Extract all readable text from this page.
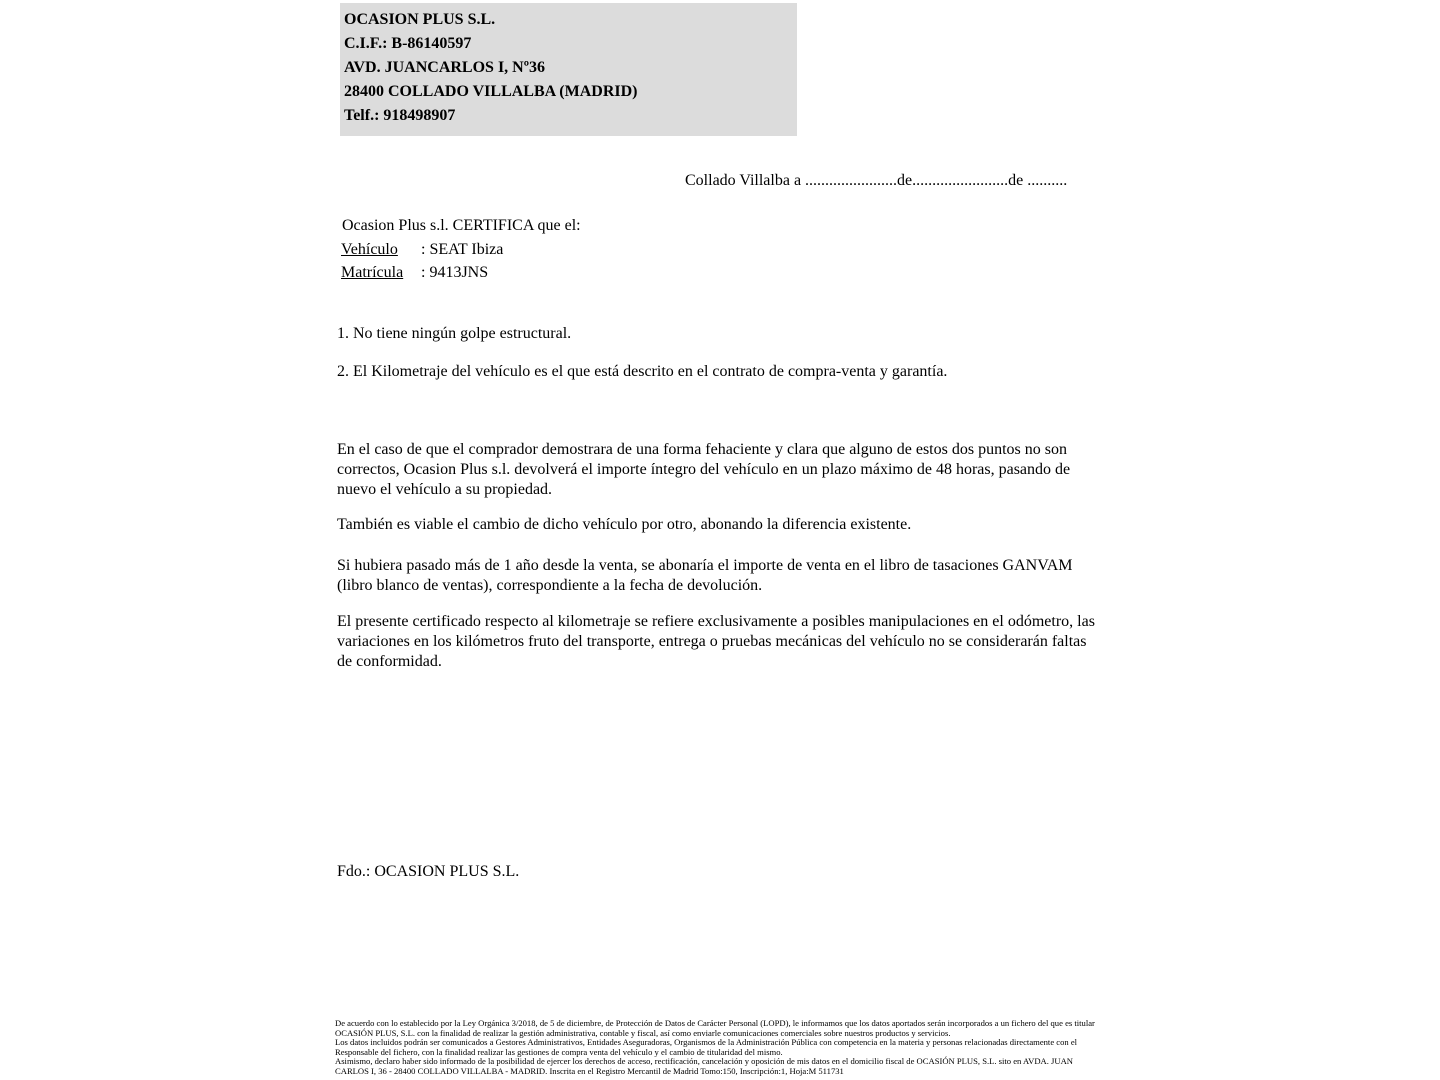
OCASION PLUS S.L.
C.I.F.: B-86140597
AVD. JUANCARLOS I, Nº36
28400 COLLADO VILLALBA (MADRID)
Telf.: 918498907
Collado Villalba a .......................de........................de ..........
Ocasion Plus s.l. CERTIFICA que el:
Vehículo : SEAT Ibiza
Matrícula : 9413JNS
1. No tiene ningún golpe estructural.
2. El Kilometraje del vehículo es el que está descrito en el contrato de compra-venta y garantía.
En el caso de que el comprador demostrara de una forma fehaciente y clara que alguno de estos dos puntos no son correctos, Ocasion Plus s.l. devolverá el importe íntegro del vehículo en un plazo máximo de 48 horas, pasando de nuevo el vehículo a su propiedad.
También es viable el cambio de dicho vehículo por otro, abonando la diferencia existente.
Si hubiera pasado más de 1 año desde la venta, se abonaría el importe de venta en el libro de tasaciones GANVAM (libro blanco de ventas), correspondiente a la fecha de devolución.
El presente certificado respecto al kilometraje se refiere exclusivamente a posibles manipulaciones en el odómetro, las variaciones en los kilómetros fruto del transporte, entrega o pruebas mecánicas del vehículo no se considerarán faltas de conformidad.
Fdo.: OCASION PLUS S.L.
De acuerdo con lo establecido por la Ley Orgánica 3/2018, de 5 de diciembre, de Protección de Datos de Carácter Personal (LOPD), le informamos que los datos aportados serán incorporados a un fichero del que es titular OCASIÓN PLUS, S.L. con la finalidad de realizar la gestión administrativa, contable y fiscal, así como enviarle comunicaciones comerciales sobre nuestros productos y servicios.
Los datos incluidos podrán ser comunicados a Gestores Administrativos, Entidades Aseguradoras, Organismos de la Administración Pública con competencia en la materia y personas relacionadas directamente con el Responsable del fichero, con la finalidad realizar las gestiones de compra venta del vehículo y el cambio de titularidad del mismo.
Asimismo, declaro haber sido informado de la posibilidad de ejercer los derechos de acceso, rectificación, cancelación y oposición de mis datos en el domicilio fiscal de OCASIÓN PLUS, S.L. sito en AVDA. JUAN CARLOS I, 36 - 28400 COLLADO VILLALBA - MADRID. Inscrita en el Registro Mercantil de Madrid Tomo:150, Inscripción:1, Hoja:M 511731
